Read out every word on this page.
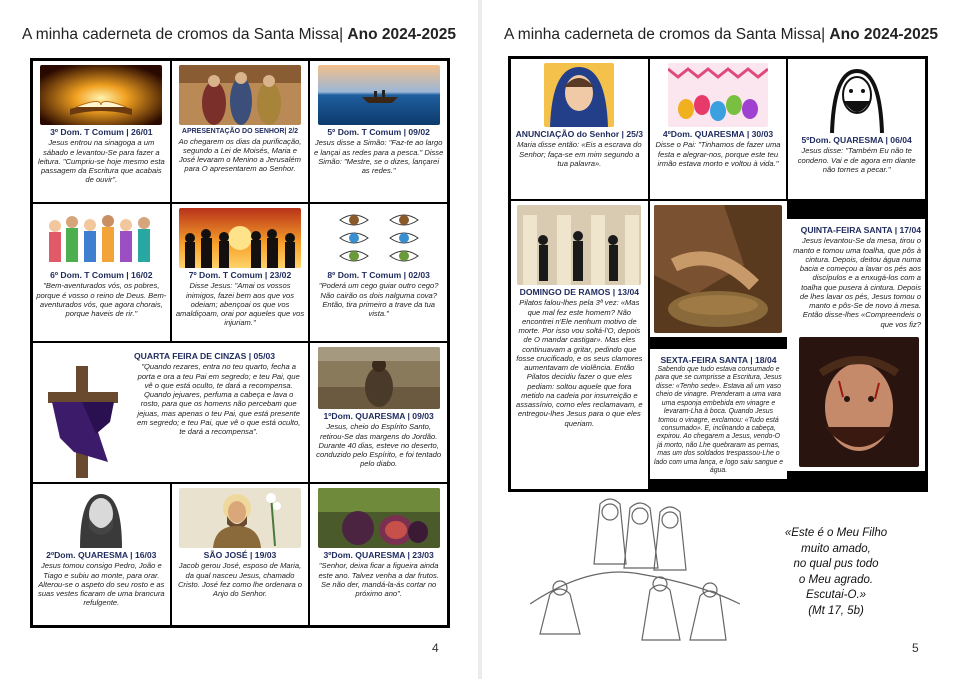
A minha caderneta de cromos da Santa Missa| Ano 2024-2025
3º Dom. T Comum | 26/01
Jesus entrou na sinagoga a um sábado e levantou-Se para fazer a leitura. "Cumpriu-se hoje mesmo esta passagem da Escritura que acabais de ouvir".
APRESENTAÇÃO DO SENHOR| 2/2
Ao chegarem os dias da purificação, segundo a Lei de Moisés, Maria e José levaram o Menino a Jerusalém para O apresentarem ao Senhor.
5º Dom. T Comum | 09/02
Jesus disse a Simão: "Faz-te ao largo e lançai as redes para a pesca." Disse Simão: "Mestre, se o dizes, lançarei as redes."
6º Dom. T Comum | 16/02
"Bem-aventurados vós, os pobres, porque é vosso o reino de Deus. Bem-aventurados vós, que agora chorais, porque haveis de rir."
7º Dom. T Comum | 23/02
Disse Jesus: "Amai os vossos inimigos, fazei bem aos que vos odeiam; abençoai os que vos amaldiçoam, orai por aqueles que vos injuriam."
8º Dom. T Comum | 02/03
"Poderá um cego guiar outro cego? Não cairão os dois nalguma cova? Então, tira primeiro a trave da tua vista."
QUARTA FEIRA DE CINZAS | 05/03
"Quando rezares, entra no teu quarto, fecha a porta e ora a teu Pai em segredo; e teu Pai, que vê o que está oculto, te dará a recompensa. Quando jejuares, perfuma a cabeça e lava o rosto, para que os homens não percebam que jejuas, mas apenas o teu Pai, que está presente em segredo; e teu Pai, que vê o que está oculto, te dará a recompensa".
1ºDom. QUARESMA | 09/03
Jesus, cheio do Espírito Santo, retirou-Se das margens do Jordão. Durante 40 dias, esteve no deserto, conduzido pelo Espírito, e foi tentado pelo diabo.
2ºDom. QUARESMA | 16/03
Jesus tomou consigo Pedro, João e Tiago e subiu ao monte, para orar. Alterou-se o aspeto do seu rosto e as suas vestes ficaram de uma brancura refulgente.
SÃO JOSÉ | 19/03
Jacob gerou José, esposo de Maria, da qual nasceu Jesus, chamado Cristo. José fez como lhe ordenara o Anjo do Senhor.
3ºDom. QUARESMA | 23/03
"Senhor, deixa ficar a figueira ainda este ano. Talvez venha a dar frutos. Se não der, mandá-la-ás cortar no próximo ano".
4
A minha caderneta de cromos da Santa Missa| Ano 2024-2025
ANUNCIAÇÃO do Senhor | 25/3
Maria disse então: «Eis a escrava do Senhor; faça-se em mim segundo a tua palavra».
4ºDom. QUARESMA | 30/03
Disse o Pai: "Tinhamos de fazer uma festa e alegrar-nos, porque este teu irmão estava morto e voltou à vida."
5ºDom. QUARESMA | 06/04
Jesus disse: "Também Eu não te condeno. Vai e de agora em diante não tornes a pecar."
DOMINGO DE RAMOS | 13/04
Pilatos falou-lhes pela 3ª vez: «Mas que mal fez este homem? Não encontrei n'Ele nenhum motivo de morte. Por isso vou soltá-l'O, depois de O mandar castigar». Mas eles continuavam a gritar, pedindo que fosse crucificado, e os seus clamores aumentavam de violência. Então Pilatos decidiu fazer o que eles pediam: soltou aquele que fora metido na cadeia por insurreição e assassínio, como eles reclamavam, e entregou-lhes Jesus para o que eles queriam.
QUINTA-FEIRA SANTA | 17/04
Jesus levantou-Se da mesa, tirou o manto e tomou uma toalha, que pôs à cintura. Depois, deitou água numa bacia e começou a lavar os pés aos discípulos e a enxugá-los com a toalha que pusera à cintura. Depois de lhes lavar os pés, Jesus tomou o manto e pôs-Se de novo à mesa. Então disse-lhes «Compreendeis o que vos fiz?
SEXTA-FEIRA SANTA | 18/04
Sabendo que tudo estava consumado e para que se cumprisse a Escritura, Jesus disse: «Tenho sede». Estava ali um vaso cheio de vinagre. Prenderam a uma vara uma esponja embebida em vinagre e levaram-Lha à boca. Quando Jesus tomou o vinagre, exclamou: «Tudo está consumado». E, inclinando a cabeça, expirou. Ao chegarem a Jesus, vendo-O já morto, não Lhe quebraram as pernas, mas um dos soldados trespassou-Lhe o lado com uma lança, e logo saiu sangue e água.
«Este é o Meu Filho
muito amado,
no qual pus todo
o Meu agrado.
Escutai-O.»
(Mt 17, 5b)
5
